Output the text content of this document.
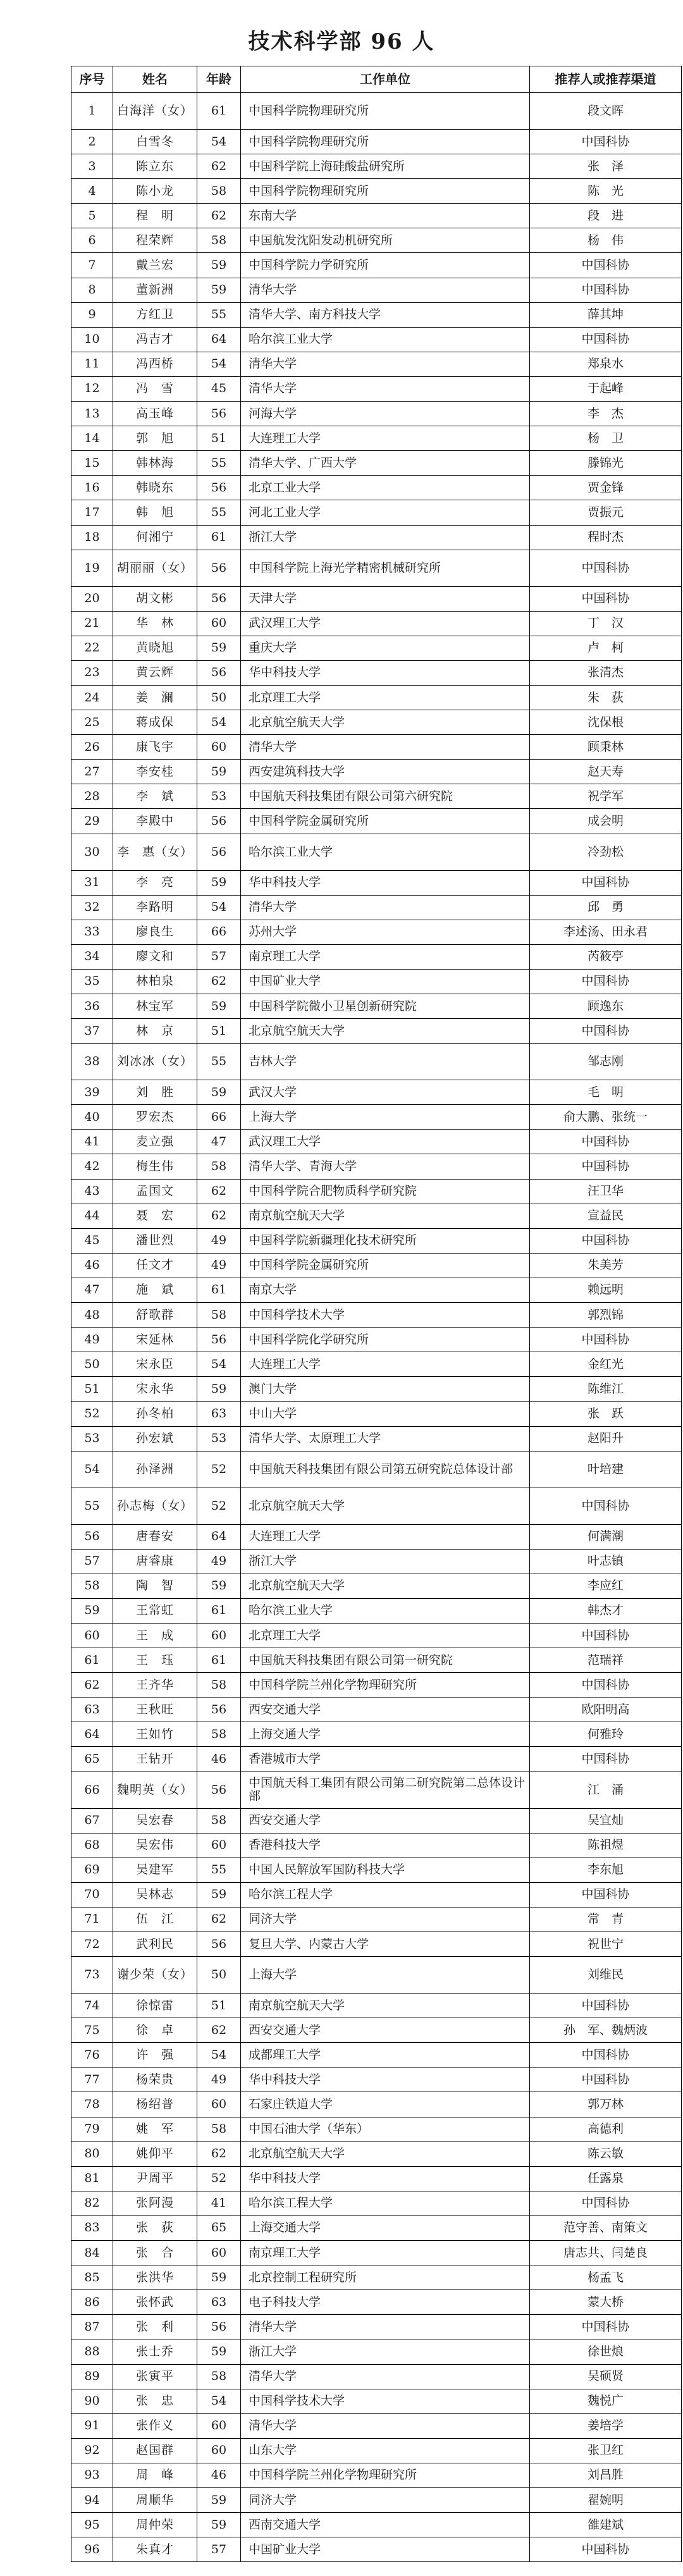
技术科学部 96 人
序号	姓名	年龄	工作单位	推荐人或推荐渠道
1	白海洋（女）	61	中国科学院物理研究所	段文晖
2	白雪冬	54	中国科学院物理研究所	中国科协
3	陈立东	62	中国科学院上海硅酸盐研究所	张　泽
4	陈小龙	58	中国科学院物理研究所	陈　光
5	程　明	62	东南大学	段　进
6	程荣辉	58	中国航发沈阳发动机研究所	杨　伟
7	戴兰宏	59	中国科学院力学研究所	中国科协
8	董新洲	59	清华大学	中国科协
9	方红卫	55	清华大学、南方科技大学	薛其坤
10	冯吉才	64	哈尔滨工业大学	中国科协
11	冯西桥	54	清华大学	郑泉水
12	冯　雪	45	清华大学	于起峰
13	高玉峰	56	河海大学	李　杰
14	郭　旭	51	大连理工大学	杨　卫
15	韩林海	55	清华大学、广西大学	滕锦光
16	韩晓东	56	北京工业大学	贾金锋
17	韩　旭	55	河北工业大学	贾振元
18	何湘宁	61	浙江大学	程时杰
19	胡丽丽（女）	56	中国科学院上海光学精密机械研究所	中国科协
20	胡文彬	56	天津大学	中国科协
21	华　林	60	武汉理工大学	丁　汉
22	黄晓旭	59	重庆大学	卢　柯
23	黄云辉	56	华中科技大学	张清杰
24	姜　澜	50	北京理工大学	朱　荻
25	蒋成保	54	北京航空航天大学	沈保根
26	康飞宇	60	清华大学	顾秉林
27	李安桂	59	西安建筑科技大学	赵天寿
28	李　斌	53	中国航天科技集团有限公司第六研究院	祝学军
29	李殿中	56	中国科学院金属研究所	成会明
30	李　惠（女）	56	哈尔滨工业大学	冷劲松
31	李　亮	59	华中科技大学	中国科协
32	李路明	54	清华大学	邱　勇
33	廖良生	66	苏州大学	李述汤、田永君
34	廖文和	57	南京理工大学	芮筱亭
35	林柏泉	62	中国矿业大学	中国科协
36	林宝军	59	中国科学院微小卫星创新研究院	顾逸东
37	林　京	51	北京航空航天大学	中国科协
38	刘冰冰（女）	55	吉林大学	邹志刚
39	刘　胜	59	武汉大学	毛　明
40	罗宏杰	66	上海大学	俞大鹏、张统一
41	麦立强	47	武汉理工大学	中国科协
42	梅生伟	58	清华大学、青海大学	中国科协
43	孟国文	62	中国科学院合肥物质科学研究院	汪卫华
44	聂　宏	62	南京航空航天大学	宣益民
45	潘世烈	49	中国科学院新疆理化技术研究所	中国科协
46	任文才	49	中国科学院金属研究所	朱美芳
47	施　斌	61	南京大学	赖远明
48	舒歌群	58	中国科学技术大学	郭烈锦
49	宋延林	56	中国科学院化学研究所	中国科协
50	宋永臣	54	大连理工大学	金红光
51	宋永华	59	澳门大学	陈维江
52	孙冬柏	63	中山大学	张　跃
53	孙宏斌	53	清华大学、太原理工大学	赵阳升
54	孙泽洲	52	中国航天科技集团有限公司第五研究院总体设计部	叶培建
55	孙志梅（女）	52	北京航空航天大学	中国科协
56	唐春安	64	大连理工大学	何满潮
57	唐睿康	49	浙江大学	叶志镇
58	陶　智	59	北京航空航天大学	李应红
59	王常虹	61	哈尔滨工业大学	韩杰才
60	王　成	60	北京理工大学	中国科协
61	王　珏	61	中国航天科技集团有限公司第一研究院	范瑞祥
62	王齐华	58	中国科学院兰州化学物理研究所	中国科协
63	王秋旺	56	西安交通大学	欧阳明高
64	王如竹	58	上海交通大学	何雅玲
65	王钻开	46	香港城市大学	中国科协
66	魏明英（女）	56	中国航天科工集团有限公司第二研究院第二总体设计部	江　涌
67	吴宏春	58	西安交通大学	吴宜灿
68	吴宏伟	60	香港科技大学	陈祖煜
69	吴建军	55	中国人民解放军国防科技大学	李东旭
70	吴林志	59	哈尔滨工程大学	中国科协
71	伍　江	62	同济大学	常　青
72	武利民	56	复旦大学、内蒙古大学	祝世宁
73	谢少荣（女）	50	上海大学	刘维民
74	徐惊雷	51	南京航空航天大学	中国科协
75	徐　卓	62	西安交通大学	孙　军、魏炳波
76	许　强	54	成都理工大学	中国科协
77	杨荣贵	49	华中科技大学	中国科协
78	杨绍普	60	石家庄铁道大学	郭万林
79	姚　军	58	中国石油大学（华东）	高德利
80	姚仰平	62	北京航空航天大学	陈云敏
81	尹周平	52	华中科技大学	任露泉
82	张阿漫	41	哈尔滨工程大学	中国科协
83	张　荻	65	上海交通大学	范守善、南策文
84	张　合	60	南京理工大学	唐志共、闫楚良
85	张洪华	59	北京控制工程研究所	杨孟飞
86	张怀武	63	电子科技大学	蒙大桥
87	张　利	56	清华大学	中国科协
88	张士乔	59	浙江大学	徐世烺
89	张寅平	58	清华大学	吴硕贤
90	张　忠	54	中国科学技术大学	魏悦广
91	张作义	60	清华大学	姜培学
92	赵国群	60	山东大学	张卫红
93	周　峰	46	中国科学院兰州化学物理研究所	刘昌胜
94	周顺华	59	同济大学	翟婉明
95	周仲荣	59	西南交通大学	雒建斌
96	朱真才	57	中国矿业大学	中国科协
